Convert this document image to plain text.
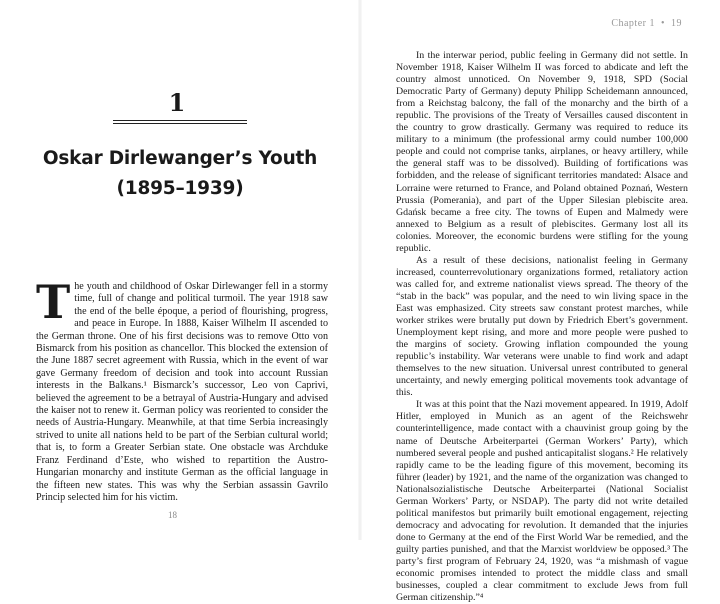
1
Oskar Dirlewanger’s Youth
(1895–1939)

The youth and childhood of Oskar Dirlewanger fell in a stormy time, full of change and political turmoil. The year 1918 saw the end of the belle époque, a period of flourishing, progress, and peace in Europe. In 1888, Kaiser Wilhelm II ascended to the German throne. One of his first decisions was to remove Otto von Bismarck from his position as chancellor. This blocked the extension of the June 1887 secret agreement with Russia, which in the event of war gave Germany freedom of decision and took into account Russian interests in the Balkans.¹ Bismarck’s successor, Leo von Caprivi, believed the agreement to be a betrayal of Austria-Hungary and advised the kaiser not to renew it. German policy was reoriented to consider the needs of Austria-Hungary. Meanwhile, at that time Serbia increasingly strived to unite all nations held to be part of the Serbian cultural world; that is, to form a Greater Serbian state. One obstacle was Archduke Franz Ferdinand d’Este, who wished to repartition the Austro-Hungarian monarchy and institute German as the official language in the fifteen new states. This was why the Serbian assassin Gavrilo Princip selected him for his victim.

18
Chapter 1 • 19

In the interwar period, public feeling in Germany did not settle. In November 1918, Kaiser Wilhelm II was forced to abdicate and left the country almost unnoticed. On November 9, 1918, SPD (Social Democratic Party of Germany) deputy Philipp Scheidemann announced, from a Reichstag balcony, the fall of the monarchy and the birth of a republic. The provisions of the Treaty of Versailles caused discontent in the country to grow drastically. Germany was required to reduce its military to a minimum (the professional army could number 100,000 people and could not comprise tanks, airplanes, or heavy artillery, while the general staff was to be dissolved). Building of fortifications was forbidden, and the release of significant territories mandated: Alsace and Lorraine were returned to France, and Poland obtained Poznań, Western Prussia (Pomerania), and part of the Upper Silesian plebiscite area. Gdańsk became a free city. The towns of Eupen and Malmedy were annexed to Belgium as a result of plebiscites. Germany lost all its colonies. Moreover, the economic burdens were stifling for the young republic.

As a result of these decisions, nationalist feeling in Germany increased, counterrevolutionary organizations formed, retaliatory action was called for, and extreme nationalist views spread. The theory of the “stab in the back” was popular, and the need to win living space in the East was emphasized. City streets saw constant protest marches, while worker strikes were brutally put down by Friedrich Ebert’s government. Unemployment kept rising, and more and more people were pushed to the margins of society. Growing inflation compounded the young republic’s instability. War veterans were unable to find work and adapt themselves to the new situation. Universal unrest contributed to general uncertainty, and newly emerging political movements took advantage of this.

It was at this point that the Nazi movement appeared. In 1919, Adolf Hitler, employed in Munich as an agent of the Reichswehr counterintelligence, made contact with a chauvinist group going by the name of Deutsche Arbeiterpartei (German Workers’ Party), which numbered several people and pushed anticapitalist slogans.² He relatively rapidly came to be the leading figure of this movement, becoming its führer (leader) by 1921, and the name of the organization was changed to Nationalsozialistische Deutsche Arbeiterpartei (National Socialist German Workers’ Party, or NSDAP). The party did not write detailed political manifestos but primarily built emotional engagement, rejecting democracy and advocating for revolution. It demanded that the injuries done to Germany at the end of the First World War be remedied, and the guilty parties punished, and that the Marxist worldview be opposed.³ The party’s first program of February 24, 1920, was “a mishmash of vague economic promises intended to protect the middle class and small businesses, coupled a clear commitment to exclude Jews from full German citizenship.”⁴
